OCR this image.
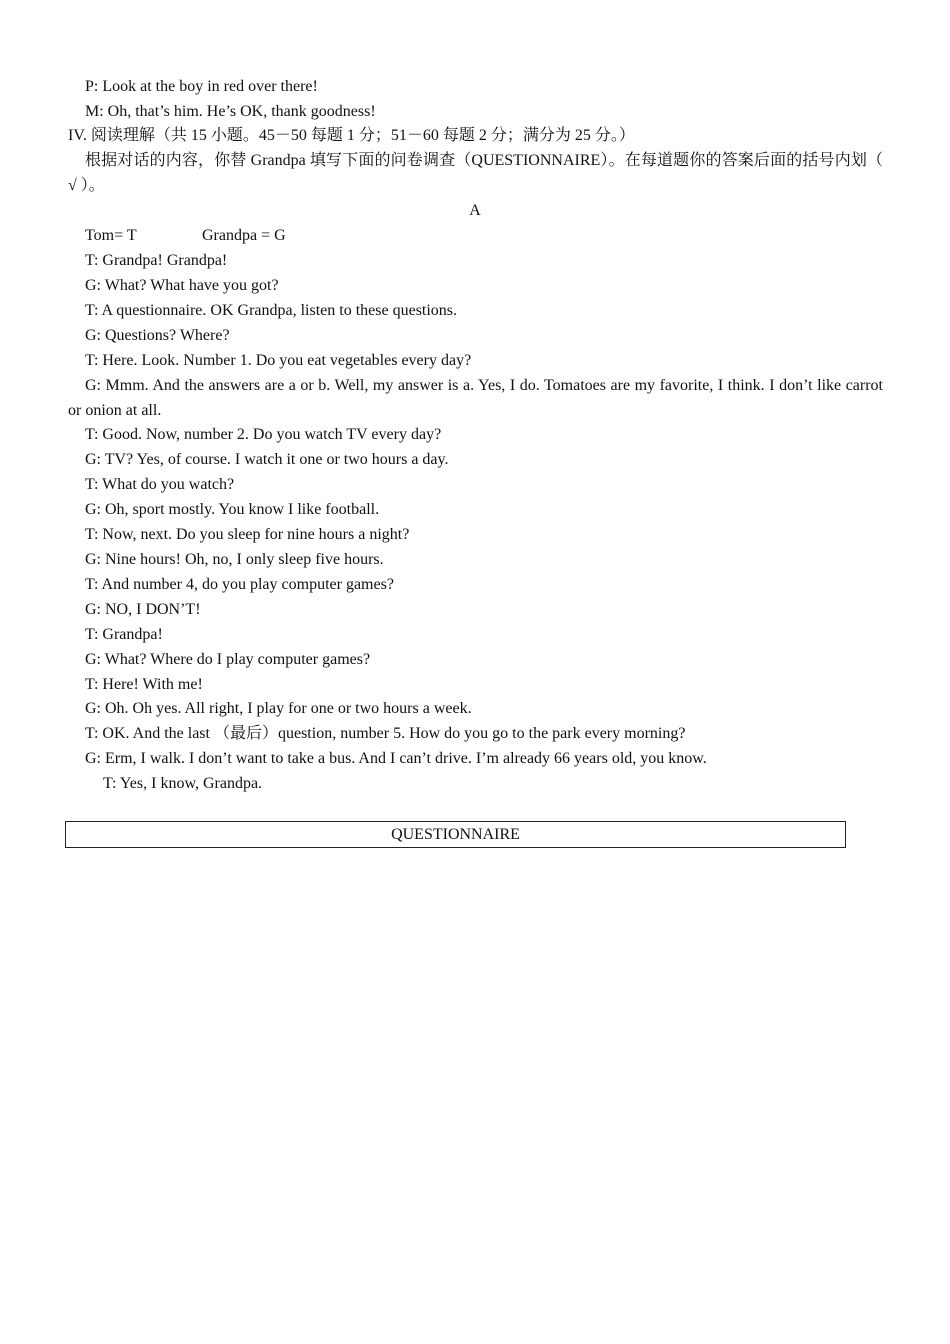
P: Look at the boy in red over there!
M: Oh, that’s him. He’s OK, thank goodness!
IV. 阅读理解（共 15 小题。45－50 每题 1 分；51－60 每题 2 分；满分为 25 分。）
根据对话的内容，你替 Grandpa 填写下面的问卷调查（QUESTIONNAIRE）。在每道题你的答案后面的括号内划（ √ ）。
A
Tom= T	Grandpa = G
T: Grandpa! Grandpa!
G: What? What have you got?
T: A questionnaire. OK Grandpa, listen to these questions.
G: Questions? Where?
T: Here. Look. Number 1. Do you eat vegetables every day?
G: Mmm. And the answers are a or b. Well, my answer is a. Yes, I do. Tomatoes are my favorite, I think. I don’t like carrot or onion at all.
T: Good. Now, number 2. Do you watch TV every day?
G: TV? Yes, of course. I watch it one or two hours a day.
T: What do you watch?
G: Oh, sport mostly. You know I like football.
T: Now, next. Do you sleep for nine hours a night?
G: Nine hours! Oh, no, I only sleep five hours.
T: And number 4, do you play computer games?
G: NO, I DON’T!
T: Grandpa!
G: What? Where do I play computer games?
T: Here! With me!
G: Oh. Oh yes. All right, I play for one or two hours a week.
T: OK. And the last （最后）question, number 5. How do you go to the park every morning?
G: Erm, I walk. I don’t want to take a bus. And I can’t drive. I’m already 66 years old, you know.
T: Yes, I know, Grandpa.
QUESTIONNAIRE
